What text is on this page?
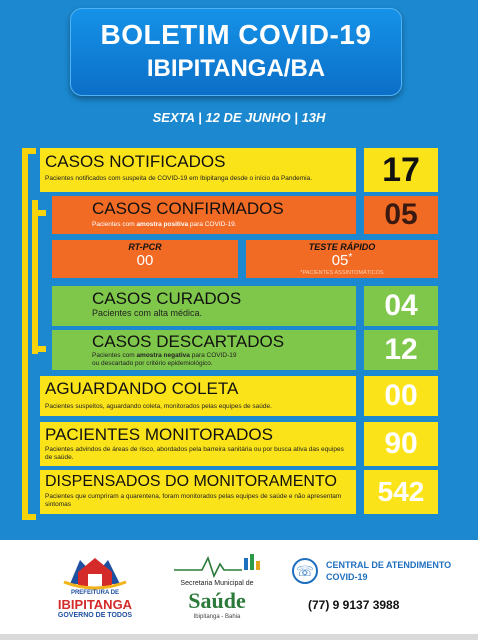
BOLETIM COVID-19
IBIPITANGA/BA
SEXTA | 12 DE JUNHO | 13H
CASOS NOTIFICADOS
Pacientes notificados com suspeita de COVID-19 em Ibipitanga desde o início da Pandemia.	17
CASOS CONFIRMADOS
Pacientes com amostra positiva para COVID-19.	05
RT-PCR
00
TESTE RÁPIDO
05*
*PACIENTES ASSINTOMÁTICOS
CASOS CURADOS
Pacientes com alta médica.	04
CASOS DESCARTADOS
Pacientes com amostra negativa para COVID-19
ou descartado por critério epidemiológico.	12
AGUARDANDO COLETA
Pacientes suspeitos, aguardando coleta, monitorados pelas equipes de saúde.	00
PACIENTES MONITORADOS
Pacientes advindos de áreas de risco, abordados pela barreira sanitária ou por busca ativa das equipes de saúde.	90
DISPENSADOS DO MONITORAMENTO
Pacientes que cumpriram a quarentena, foram monitorados pelas equipes de saúde e não apresentam sintomas	542
PREFEITURA DE
IBIPITANGA
GOVERNO DE TODOS
Secretaria Municipal de
Saúde
Ibipitanga - Bahia
☏	CENTRAL DE ATENDIMENTO
COVID-19
(77) 9 9137 3988
